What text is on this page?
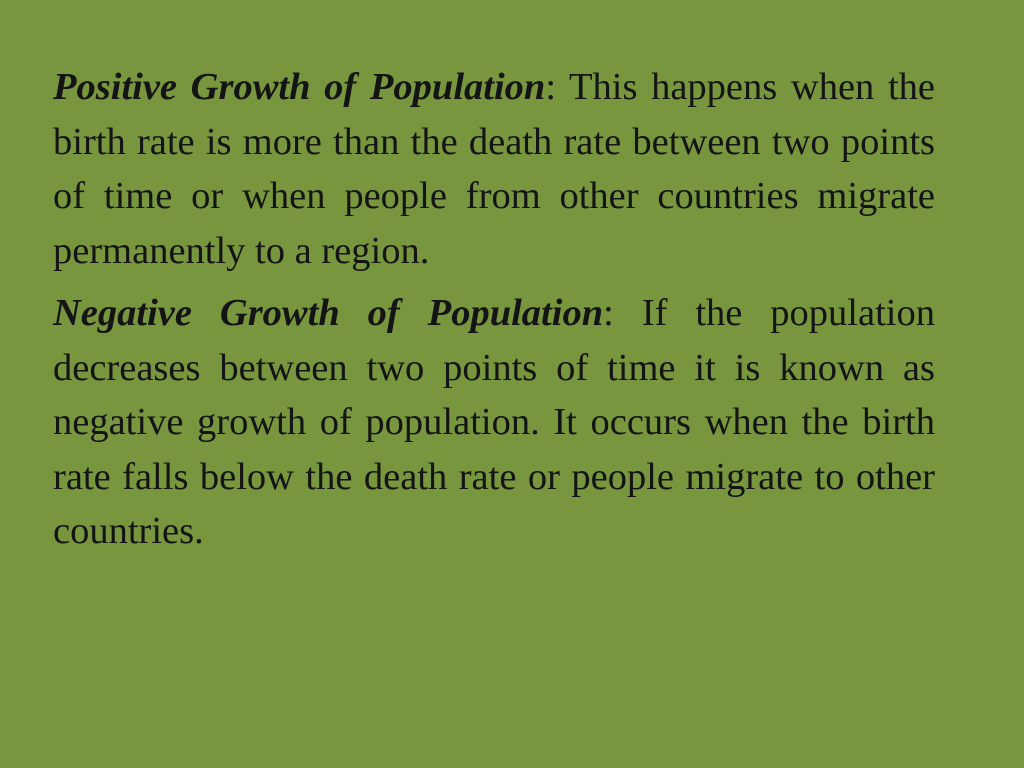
Positive Growth of Population: This happens when the birth rate is more than the death rate between two points of time or when people from other countries migrate permanently to a region.

Negative Growth of Population: If the population decreases between two points of time it is known as negative growth of population. It occurs when the birth rate falls below the death rate or people migrate to other countries.
